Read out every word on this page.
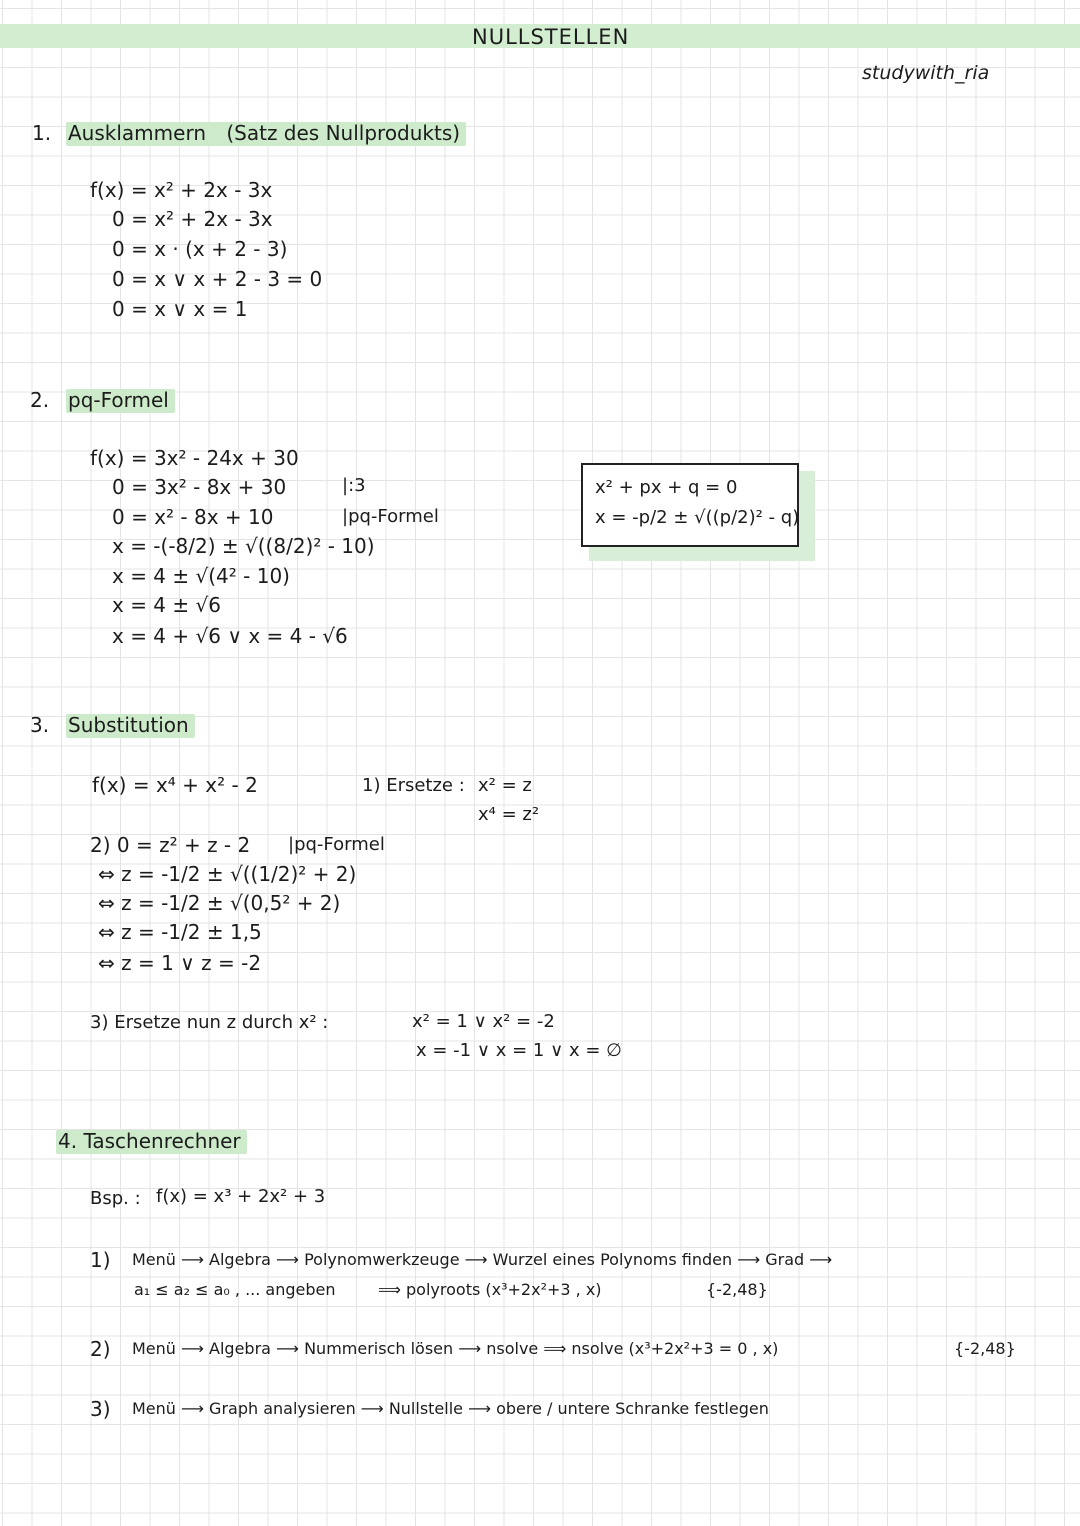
NULLSTELLEN
studywith_ria
1. Ausklammern (Satz des Nullprodukts)
f(x) = x² + 2x - 3x
0 = x² + 2x - 3x
0 = x · (x + 2 - 3)
0 = x ∨ x + 2 - 3 = 0
0 = x ∨ x = 1
2. pq-Formel
f(x) = 3x² - 24x + 30
0 = 3x² - 8x + 30
0 = x² - 8x + 10
x = -(-8/2) ± √((8/2)² - 10)
x = 4 ± √(4² - 10)
x = 4 ± √6
x = 4 + √6 ∨ x = 4 - √6
|:3
|pq-Formel
x² + px + q = 0
x = -p/2 ± √((p/2)² - q)
3. Substitution
f(x) = x⁴ + x² - 2	1) Ersetze : x² = z
x⁴ = z²
2) 0 = z² + z - 2 |pq-Formel
⇔ z = -1/2 ± √((1/2)² + 2)
⇔ z = -1/2 ± √(0,5² + 2)
⇔ z = -1/2 ± 1,5
⇔ z = 1 ∨ z = -2
3) Ersetze nun z durch x² :	x² = 1 ∨ x² = -2
x = -1 ∨ x = 1 ∨ x = ∅
4. Taschenrechner
Bsp. : f(x) = x³ + 2x² + 3
1) Menü ⟶ Algebra ⟶ Polynomwerkzeuge ⟶ Wurzel eines Polynoms finden ⟶ Grad ⟶
a₁ ≤ a₂ ≤ a₀ , ... angeben	⟹ polyroots (x³+2x²+3 , x)	{-2,48}
2) Menü ⟶ Algebra ⟶ Nummerisch lösen ⟶ nsolve ⟹ nsolve (x³+2x²+3 = 0 , x)	{-2,48}
3) Menü ⟶ Graph analysieren ⟶ Nullstelle ⟶ obere / untere Schranke festlegen
